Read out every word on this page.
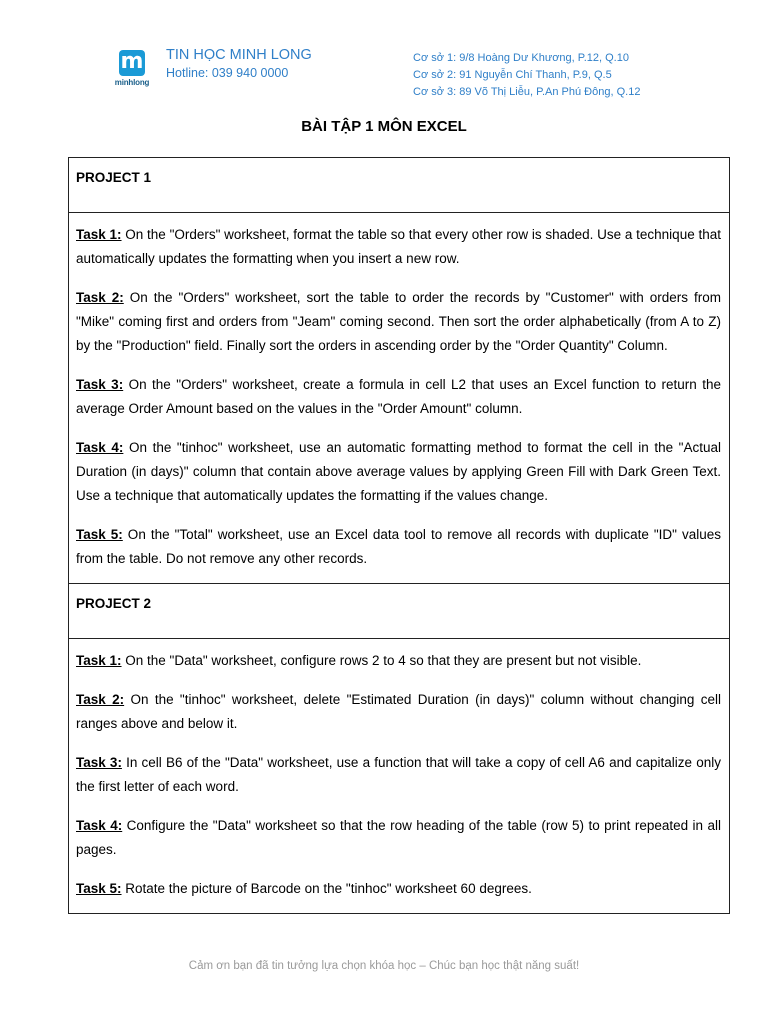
m
minhlong
TIN HỌC MINH LONG
Hotline: 039 940 0000
Cơ sở 1: 9/8 Hoàng Dư Khương, P.12, Q.10
Cơ sở 2: 91 Nguyễn Chí Thanh, P.9, Q.5
Cơ sở 3: 89 Võ Thị Liễu, P.An Phú Đông, Q.12
BÀI TẬP 1 MÔN EXCEL
PROJECT 1

Task 1: On the "Orders" worksheet, format the table so that every other row is shaded. Use a technique that automatically updates the formatting when you insert a new row.
Task 2: On the "Orders" worksheet, sort the table to order the records by "Customer" with orders from "Mike" coming first and orders from "Jeam" coming second. Then sort the order alphabetically (from A to Z) by the "Production" field. Finally sort the orders in ascending order by the "Order Quantity" Column.
Task 3: On the "Orders" worksheet, create a formula in cell L2 that uses an Excel function to return the average Order Amount based on the values in the "Order Amount" column.
Task 4: On the "tinhoc" worksheet, use an automatic formatting method to format the cell in the "Actual Duration (in days)" column that contain above average values by applying Green Fill with Dark Green Text. Use a technique that automatically updates the formatting if the values change.
Task 5: On the "Total" worksheet, use an Excel data tool to remove all records with duplicate "ID" values from the table. Do not remove any other records.

PROJECT 2

Task 1: On the "Data" worksheet, configure rows 2 to 4 so that they are present but not visible.
Task 2: On the "tinhoc" worksheet, delete "Estimated Duration (in days)" column without changing cell ranges above and below it.
Task 3: In cell B6 of the "Data" worksheet, use a function that will take a copy of cell A6 and capitalize only the first letter of each word.
Task 4: Configure the "Data" worksheet so that the row heading of the table (row 5) to print repeated in all pages.
Task 5: Rotate the picture of Barcode on the "tinhoc" worksheet 60 degrees.
Cảm ơn bạn đã tin tưởng lựa chọn khóa học – Chúc bạn học thật năng suất!
